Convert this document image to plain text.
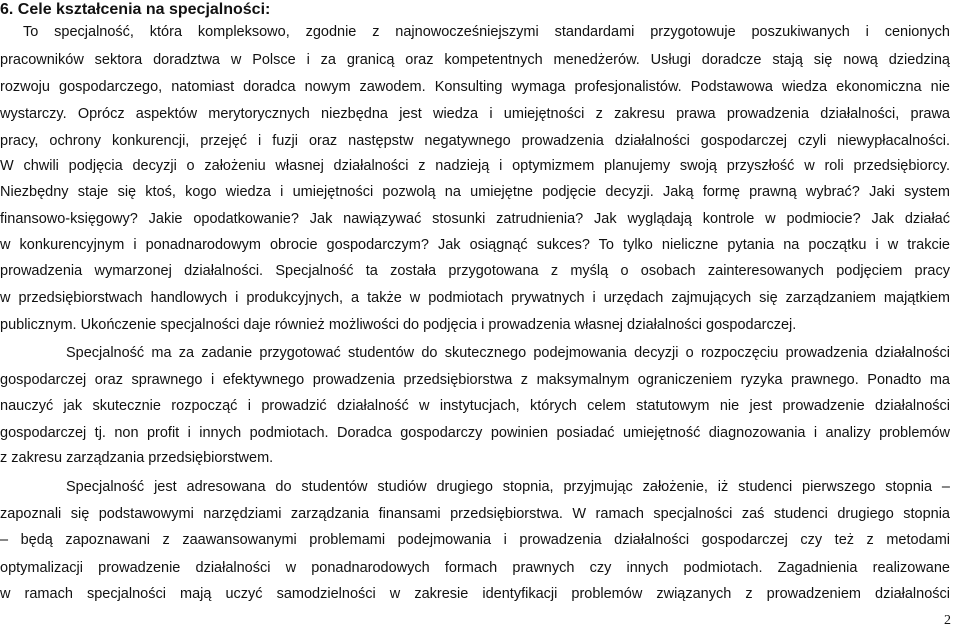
6. Cele kształcenia na specjalności:

To specjalność, która kompleksowo, zgodnie z najnowocześniejszymi standardami przygotowuje poszukiwanych i cenionych

pracowników sektora doradztwa w Polsce i za granicą oraz kompetentnych menedżerów. Usługi doradcze stają się nową dziedziną

rozwoju gospodarczego, natomiast doradca nowym zawodem. Konsulting wymaga profesjonalistów. Podstawowa wiedza ekonomiczna nie

wystarczy. Oprócz aspektów merytorycznych niezbędna jest wiedza i umiejętności z zakresu prawa prowadzenia działalności, prawa

pracy, ochrony konkurencji, przejęć i fuzji oraz następstw negatywnego prowadzenia działalności gospodarczej czyli niewypłacalności.

W chwili podjęcia decyzji o założeniu własnej działalności z nadzieją i optymizmem planujemy swoją przyszłość w roli przedsiębiorcy.

Niezbędny staje się ktoś, kogo wiedza i umiejętności pozwolą na umiejętne podjęcie decyzji. Jaką formę prawną wybrać? Jaki system

finansowo-księgowy? Jakie opodatkowanie? Jak nawiązywać stosunki zatrudnienia? Jak wyglądają kontrole w podmiocie? Jak działać

w konkurencyjnym i ponadnarodowym obrocie gospodarczym? Jak osiągnąć sukces? To tylko nieliczne pytania na początku i w trakcie

prowadzenia wymarzonej działalności. Specjalność ta została przygotowana z myślą o osobach zainteresowanych podjęciem pracy

w przedsiębiorstwach handlowych i produkcyjnych, a także w podmiotach prywatnych i urzędach zajmujących się zarządzaniem majątkiem

publicznym. Ukończenie specjalności daje również możliwości do podjęcia i prowadzenia własnej działalności gospodarczej.

Specjalność ma za zadanie przygotować studentów do skutecznego podejmowania decyzji o rozpoczęciu prowadzenia działalności

gospodarczej oraz sprawnego i efektywnego prowadzenia przedsiębiorstwa z maksymalnym ograniczeniem ryzyka prawnego. Ponadto ma

nauczyć jak skutecznie rozpocząć i prowadzić działalność w instytucjach, których celem statutowym nie jest prowadzenie działalności

gospodarczej tj. non profit i innych podmiotach. Doradca gospodarczy powinien posiadać umiejętność diagnozowania i analizy problemów

z zakresu zarządzania przedsiębiorstwem.

Specjalność jest adresowana do studentów studiów drugiego stopnia, przyjmując założenie, iż studenci pierwszego stopnia –

zapoznali się podstawowymi narzędziami zarządzania finansami przedsiębiorstwa. W ramach specjalności zaś studenci drugiego stopnia

– będą zapoznawani z zaawansowanymi problemami podejmowania i prowadzenia działalności gospodarczej czy też z metodami

optymalizacji prowadzenie działalności w ponadnarodowych formach prawnych czy innych podmiotach. Zagadnienia realizowane

w ramach specjalności mają uczyć samodzielności w zakresie identyfikacji problemów związanych z prowadzeniem działalności

2
